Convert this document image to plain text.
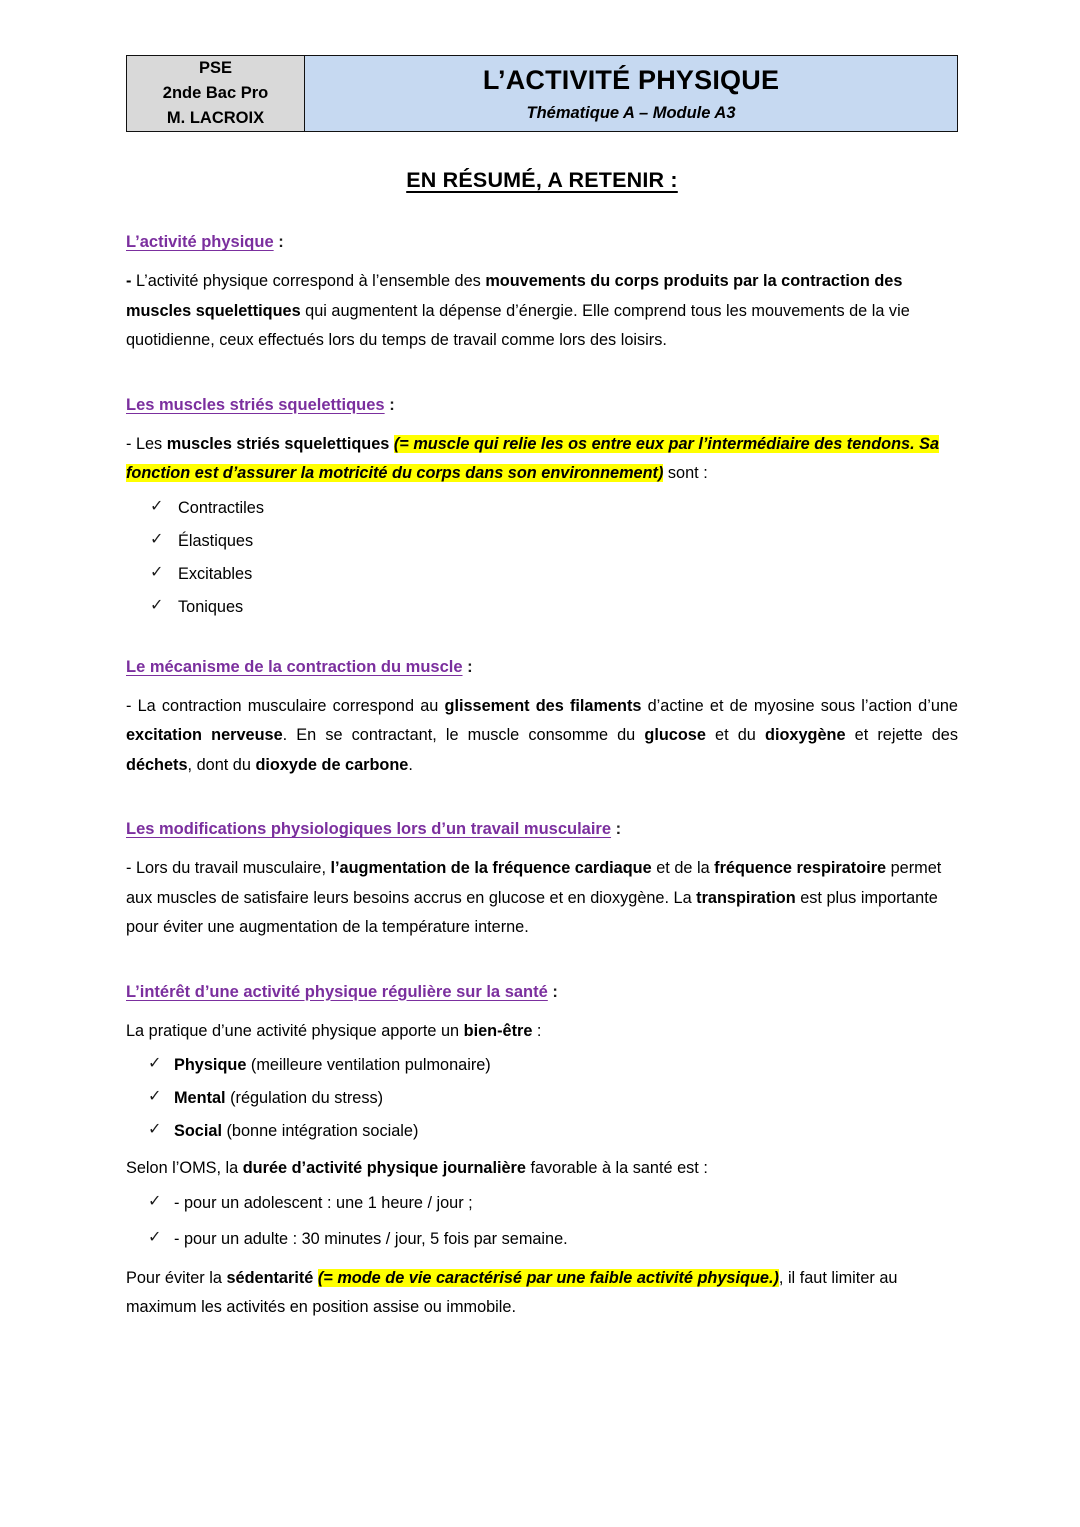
PSE
2nde Bac Pro
M. LACROIX

L’ACTIVITÉ PHYSIQUE
Thématique A – Module A3
EN RÉSUMÉ, A RETENIR :
L’activité physique :

- L’activité physique correspond à l’ensemble des mouvements du corps produits par la contraction des muscles squelettiques qui augmentent la dépense d’énergie. Elle comprend tous les mouvements de la vie quotidienne, ceux effectués lors du temps de travail comme lors des loisirs.

Les muscles striés squelettiques :

- Les muscles striés squelettiques (= muscle qui relie les os entre eux par l’intermédiaire des tendons. Sa fonction est d’assurer la motricité du corps dans son environnement) sont :

✓ Contractiles
✓ Élastiques
✓ Excitables
✓ Toniques
Le mécanisme de la contraction du muscle :

- La contraction musculaire correspond au glissement des filaments d’actine et de myosine sous l’action d’une excitation nerveuse. En se contractant, le muscle consomme du glucose et du dioxygène et rejette des déchets, dont du dioxyde de carbone.

Les modifications physiologiques lors d’un travail musculaire :

- Lors du travail musculaire, l’augmentation de la fréquence cardiaque et de la fréquence respiratoire permet aux muscles de satisfaire leurs besoins accrus en glucose et en dioxygène. La transpiration est plus importante pour éviter une augmentation de la température interne.

L’intérêt d’une activité physique régulière sur la santé :

La pratique d’une activité physique apporte un bien-être :

✓ Physique (meilleure ventilation pulmonaire)
✓ Mental (régulation du stress)
✓ Social (bonne intégration sociale)

Selon l’OMS, la durée d’activité physique journalière favorable à la santé est :

✓ - pour un adolescent : une 1 heure / jour ;
✓ - pour un adulte : 30 minutes / jour, 5 fois par semaine.

Pour éviter la sédentarité (= mode de vie caractérisé par une faible activité physique.), il faut limiter au maximum les activités en position assise ou immobile.
